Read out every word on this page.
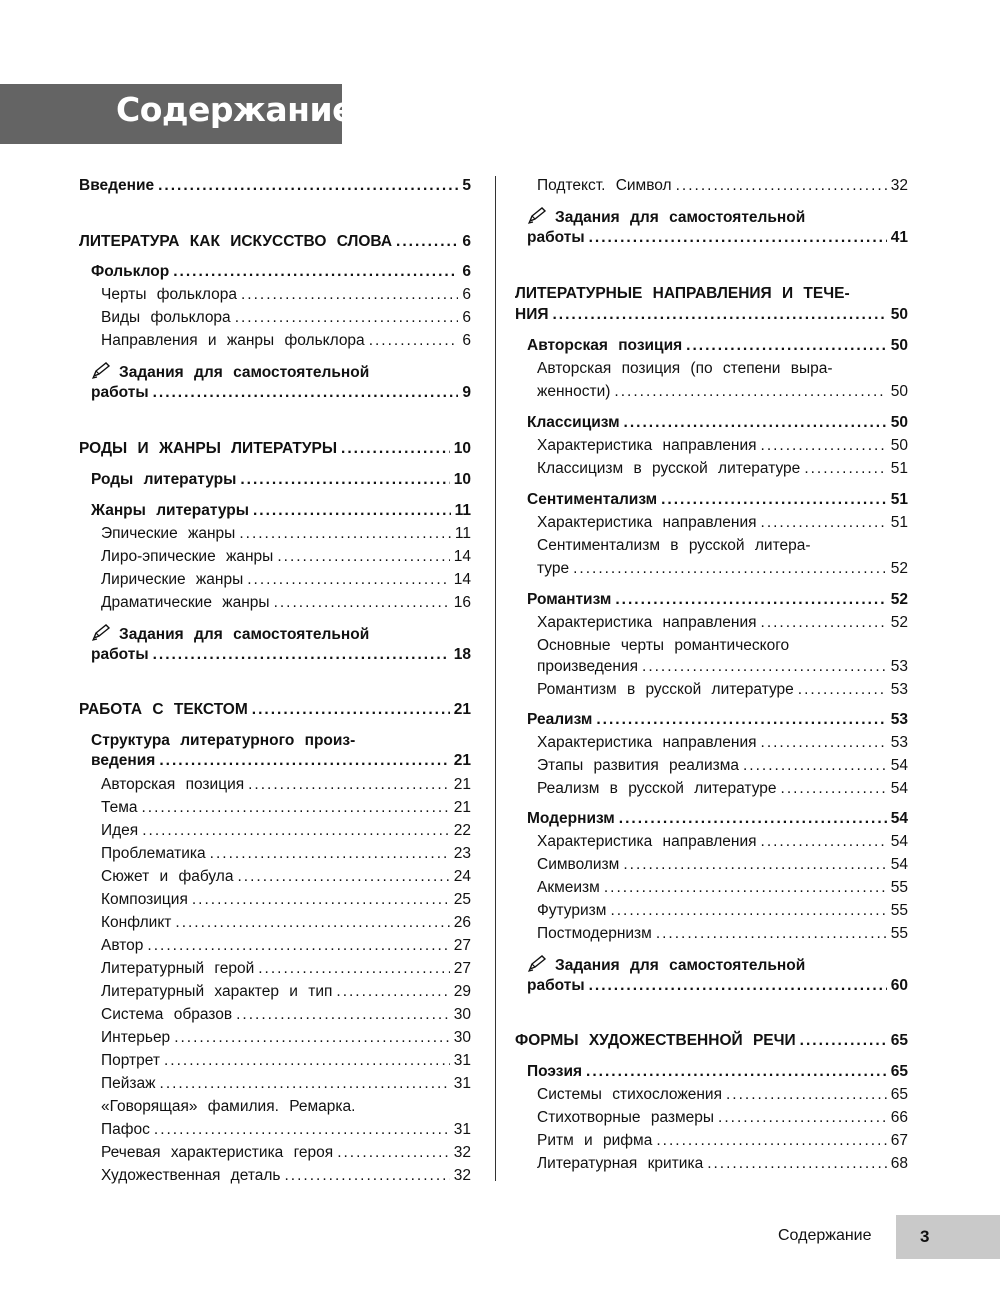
Содержание
Введение .....	5
ЛИТЕРАТУРА КАК ИСКУССТВО СЛОВА .....	6
Фольклор .....	6
Черты фольклора .....	6
Виды фольклора .....	6
Направления и жанры фольклора .....	6
Задания для самостоятельной
работы .....	9
РОДЫ И ЖАНРЫ ЛИТЕРАТУРЫ .....	10
Роды литературы .....	10
Жанры литературы .....	11
Эпические жанры .....	11
Лиро-эпические жанры .....	14
Лирические жанры .....	14
Драматические жанры .....	16
Задания для самостоятельной
работы .....	18
РАБОТА С ТЕКСТОМ .....	21
Структура литературного произ-
ведения .....	21
Авторская позиция .....	21
Тема .....	21
Идея .....	22
Проблематика .....	23
Сюжет и фабула .....	24
Композиция .....	25
Конфликт .....	26
Автор .....	27
Литературный герой .....	27
Литературный характер и тип .....	29
Система образов .....	30
Интерьер .....	30
Портрет .....	31
Пейзаж .....	31
«Говорящая» фамилия. Ремарка.
Пафос .....	31
Речевая характеристика героя .....	32
Художественная деталь .....	32
Подтекст. Символ .....	32
Задания для самостоятельной
работы .....	41
ЛИТЕРАТУРНЫЕ НАПРАВЛЕНИЯ И ТЕЧЕ-
НИЯ .....	50
Авторская позиция .....	50
Авторская позиция (по степени выра-
женности) .....	50
Классицизм .....	50
Характеристика направления .....	50
Классицизм в русской литературе .....	51
Сентиментализм .....	51
Характеристика направления .....	51
Сентиментализм в русской литера-
туре .....	52
Романтизм .....	52
Характеристика направления .....	52
Основные черты романтического
произведения .....	53
Романтизм в русской литературе .....	53
Реализм .....	53
Характеристика направления .....	53
Этапы развития реализма .....	54
Реализм в русской литературе .....	54
Модернизм .....	54
Характеристика направления .....	54
Символизм .....	54
Акмеизм .....	55
Футуризм .....	55
Постмодернизм .....	55
Задания для самостоятельной
работы .....	60
ФОРМЫ ХУДОЖЕСТВЕННОЙ РЕЧИ .....	65
Поэзия .....	65
Системы стихосложения .....	65
Стихотворные размеры .....	66
Ритм и рифма .....	67
Литературная критика .....	68
Содержание	3
